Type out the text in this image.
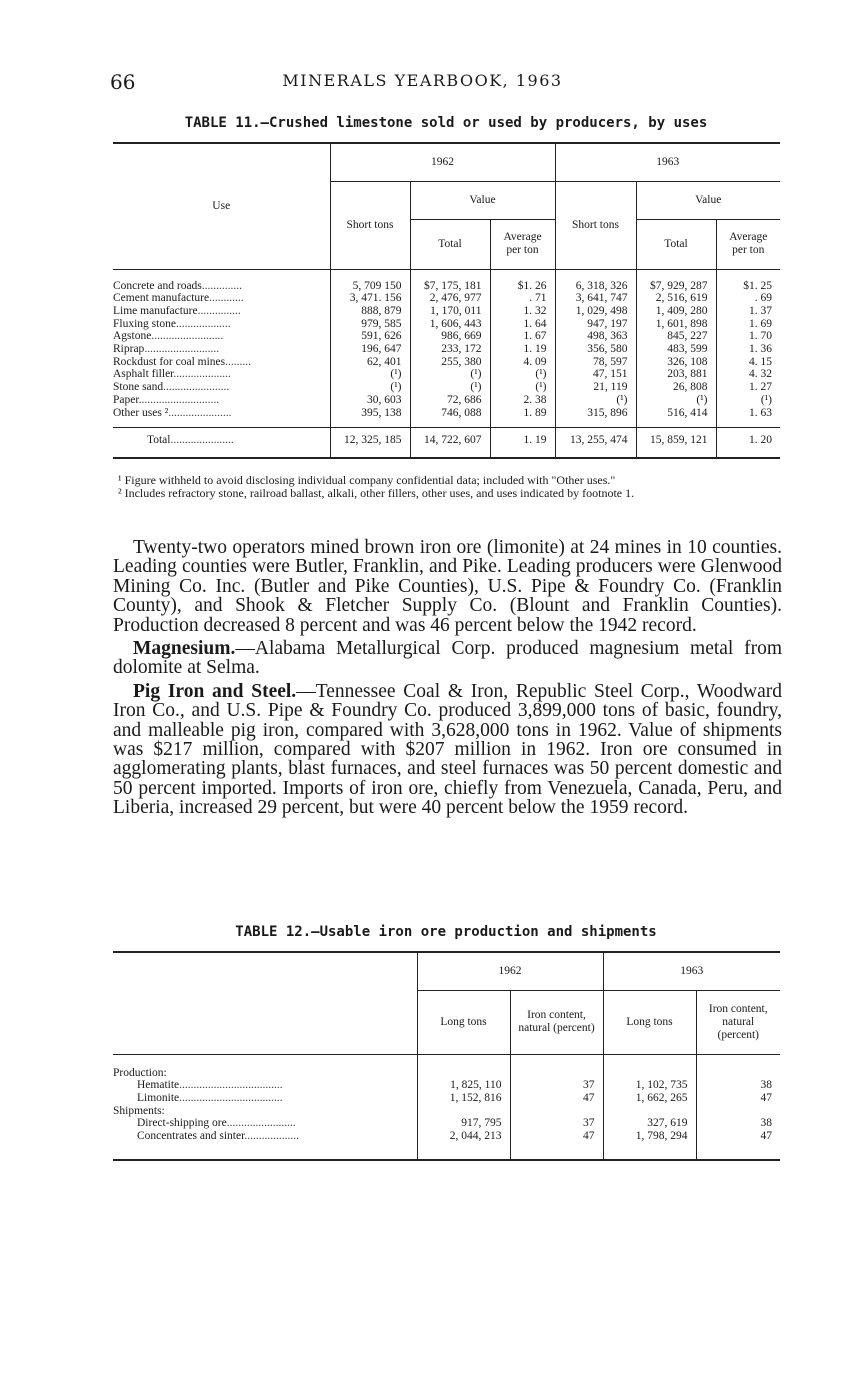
66	MINERALS YEARBOOK, 1963
TABLE 11.—Crushed limestone sold or used by producers, by uses
Use	1962			1963		
	Short tons	Value		Short tons	Value	
		Total	Average per ton		Total	Average per ton
Concrete and roads..............	5, 709 150	$7, 175, 181	$1. 26	6, 318, 326	$7, 929, 287	$1. 25
Cement manufacture............	3, 471. 156	2, 476, 977	. 71	3, 641, 747	2, 516, 619	. 69
Lime manufacture...............	888, 879	1, 170, 011	1. 32	1, 029, 498	1, 409, 280	1. 37
Fluxing stone...................	979, 585	1, 606, 443	1. 64	947, 197	1, 601, 898	1. 69
Agstone.........................	591, 626	986, 669	1. 67	498, 363	845, 227	1. 70
Riprap..........................	196, 647	233, 172	1. 19	356, 580	483, 599	1. 36
Rockdust for coal mines.........	62, 401	255, 380	4. 09	78, 597	326, 108	4. 15
Asphalt filler....................	(¹)	(¹)	(¹)	47, 151	203, 881	4. 32
Stone sand.......................	(¹)	(¹)	(¹)	21, 119	26, 808	1. 27
Paper............................	30, 603	72, 686	2. 38	(¹)	(¹)	(¹)
Other uses ²......................	395, 138	746, 088	1. 89	315, 896	516, 414	1. 63
Total......................	12, 325, 185	14, 722, 607	1. 19	13, 255, 474	15, 859, 121	1. 20
¹ Figure withheld to avoid disclosing individual company confidential data; included with "Other uses."
² Includes refractory stone, railroad ballast, alkali, other fillers, other uses, and uses indicated by footnote 1.

Twenty-two operators mined brown iron ore (limonite) at 24 mines in 10 counties. Leading counties were Butler, Franklin, and Pike. Leading producers were Glenwood Mining Co. Inc. (Butler and Pike Counties), U.S. Pipe & Foundry Co. (Franklin County), and Shook & Fletcher Supply Co. (Blount and Franklin Counties). Production decreased 8 percent and was 46 percent below the 1942 record.

Magnesium.—Alabama Metallurgical Corp. produced magnesium metal from dolomite at Selma.

Pig Iron and Steel.—Tennessee Coal & Iron, Republic Steel Corp., Woodward Iron Co., and U.S. Pipe & Foundry Co. produced 3,899,000 tons of basic, foundry, and malleable pig iron, compared with 3,628,000 tons in 1962. Value of shipments was $217 million, compared with $207 million in 1962. Iron ore consumed in agglomerating plants, blast furnaces, and steel furnaces was 50 percent domestic and 50 percent imported. Imports of iron ore, chiefly from Venezuela, Canada, Peru, and Liberia, increased 29 percent, but were 40 percent below the 1959 record.

TABLE 12.—Usable iron ore production and shipments
	1962		1963	
	Long tons	Iron content, natural (percent)	Long tons	Iron content, natural (percent)
Production:				
Hematite....................................	1, 825, 110	37	1, 102, 735	38
Limonite....................................	1, 152, 816	47	1, 662, 265	47
Shipments:				
Direct-shipping ore........................	917, 795	37	327, 619	38
Concentrates and sinter...................	2, 044, 213	47	1, 798, 294	47
